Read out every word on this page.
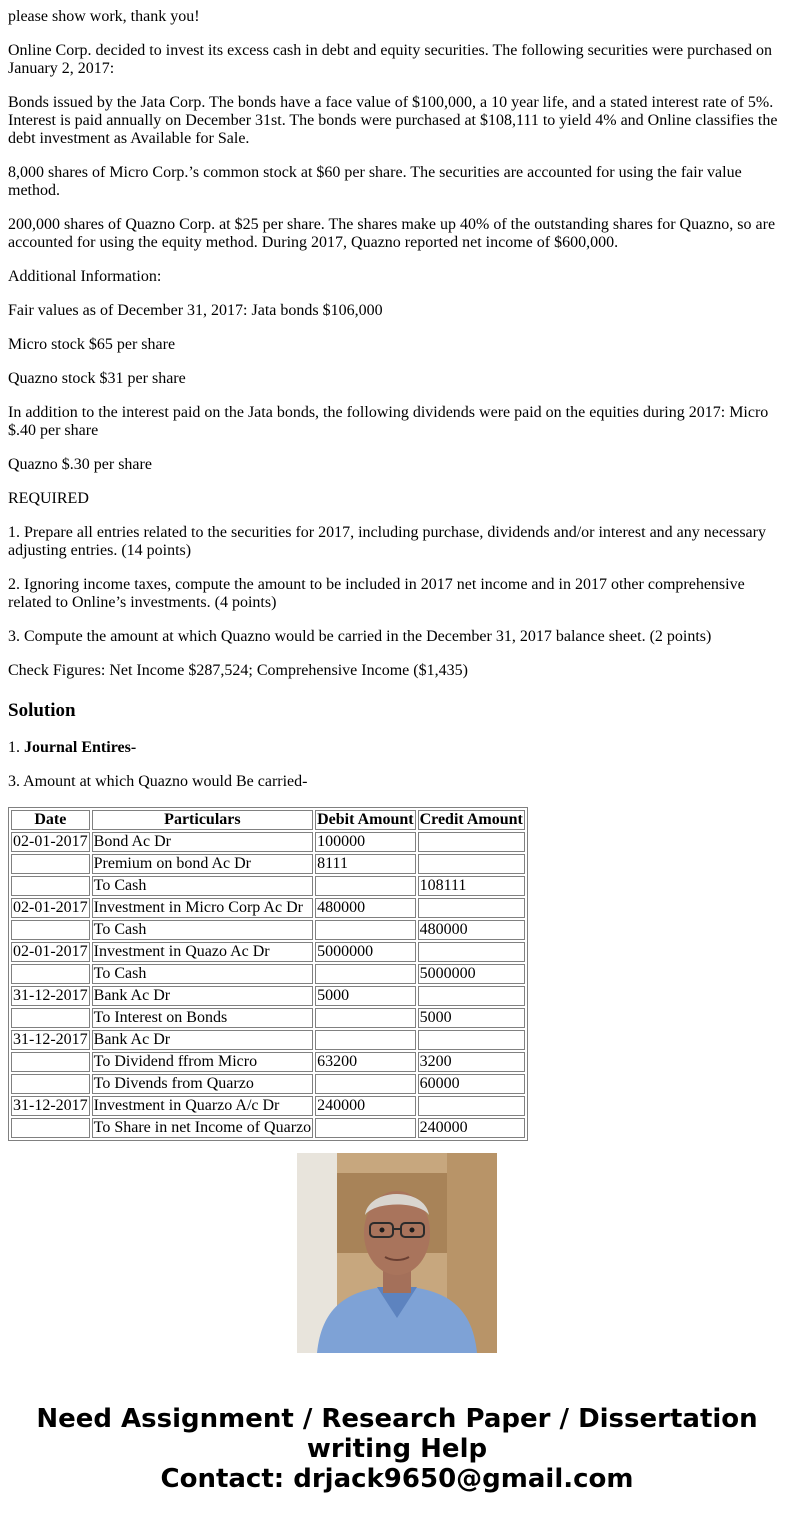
please show work, thank you!

Online Corp. decided to invest its excess cash in debt and equity securities. The following securities were purchased on January 2, 2017:

Bonds issued by the Jata Corp. The bonds have a face value of $100,000, a 10 year life, and a stated interest rate of 5%. Interest is paid annually on December 31st. The bonds were purchased at $108,111 to yield 4% and Online classifies the debt investment as Available for Sale.

8,000 shares of Micro Corp.’s common stock at $60 per share. The securities are accounted for using the fair value method.

200,000 shares of Quazno Corp. at $25 per share. The shares make up 40% of the outstanding shares for Quazno, so are accounted for using the equity method. During 2017, Quazno reported net income of $600,000.

Additional Information:

Fair values as of December 31, 2017: Jata bonds $106,000

Micro stock $65 per share

Quazno stock $31 per share

In addition to the interest paid on the Jata bonds, the following dividends were paid on the equities during 2017: Micro $.40 per share

Quazno $.30 per share

REQUIRED

1. Prepare all entries related to the securities for 2017, including purchase, dividends and/or interest and any necessary adjusting entries. (14 points)

2. Ignoring income taxes, compute the amount to be included in 2017 net income and in 2017 other comprehensive related to Online’s investments. (4 points)

3. Compute the amount at which Quazno would be carried in the December 31, 2017 balance sheet. (2 points)

Check Figures: Net Income $287,524; Comprehensive Income ($1,435)

Solution

1. Journal Entires-

3. Amount at which Quazno would Be carried-

Date	Particulars	Debit Amount	Credit Amount
02-01-2017	Bond Ac Dr	100000	
	Premium on bond Ac Dr	8111	
	To Cash		108111
02-01-2017	Investment in Micro Corp Ac Dr	480000	
	To Cash		480000
02-01-2017	Investment in Quazo Ac Dr	5000000	
	To Cash		5000000
31-12-2017	Bank Ac Dr	5000	
	To Interest on Bonds		5000
31-12-2017	Bank Ac Dr		
	To Dividend ffrom Micro	63200	3200
	To Divends from Quarzo		60000
31-12-2017	Investment in Quarzo A/c Dr	240000	
	To Share in net Income of Quarzo		240000
Need Assignment / Research Paper / Dissertation writing Help
Contact: drjack9650@gmail.com
